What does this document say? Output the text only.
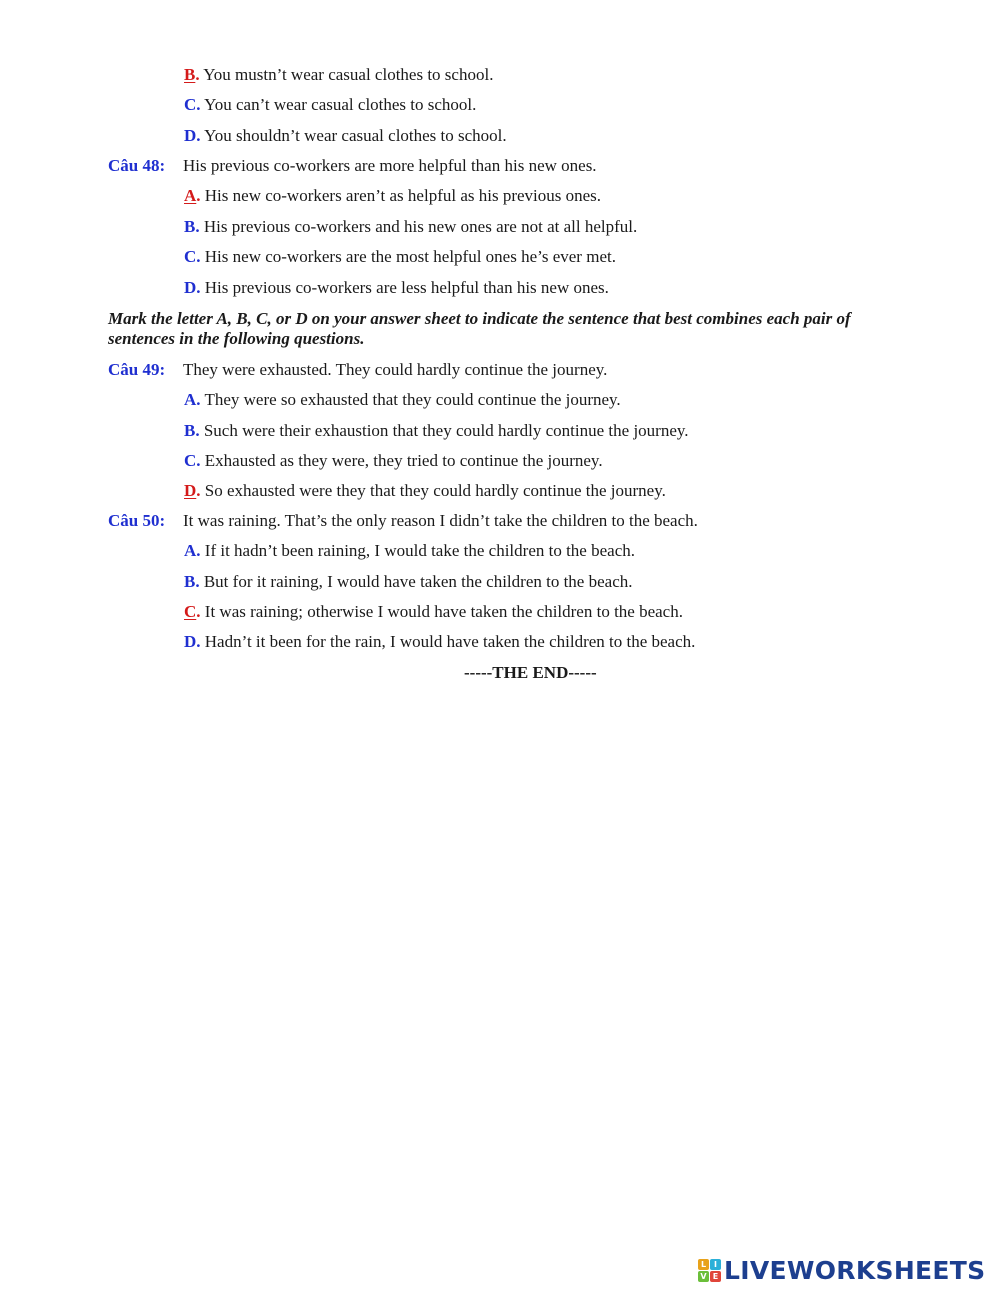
B. You mustn’t wear casual clothes to school.
C. You can’t wear casual clothes to school.
D. You shouldn’t wear casual clothes to school.
Câu 48: His previous co-workers are more helpful than his new ones.
A. His new co-workers aren’t as helpful as his previous ones.
B. His previous co-workers and his new ones are not at all helpful.
C. His new co-workers are the most helpful ones he’s ever met.
D. His previous co-workers are less helpful than his new ones.
Mark the letter A, B, C, or D on your answer sheet to indicate the sentence that best combines each pair of sentences in the following questions.
Câu 49: They were exhausted. They could hardly continue the journey.
A. They were so exhausted that they could continue the journey.
B. Such were their exhaustion that they could hardly continue the journey.
C. Exhausted as they were, they tried to continue the journey.
D. So exhausted were they that they could hardly continue the journey.
Câu 50: It was raining. That’s the only reason I didn’t take the children to the beach.
A. If it hadn’t been raining, I would take the children to the beach.
B. But for it raining, I would have taken the children to the beach.
C. It was raining; otherwise I would have taken the children to the beach.
D. Hadn’t it been for the rain, I would have taken the children to the beach.
-----THE END-----
L I
V E LIVEWORKSHEETS
